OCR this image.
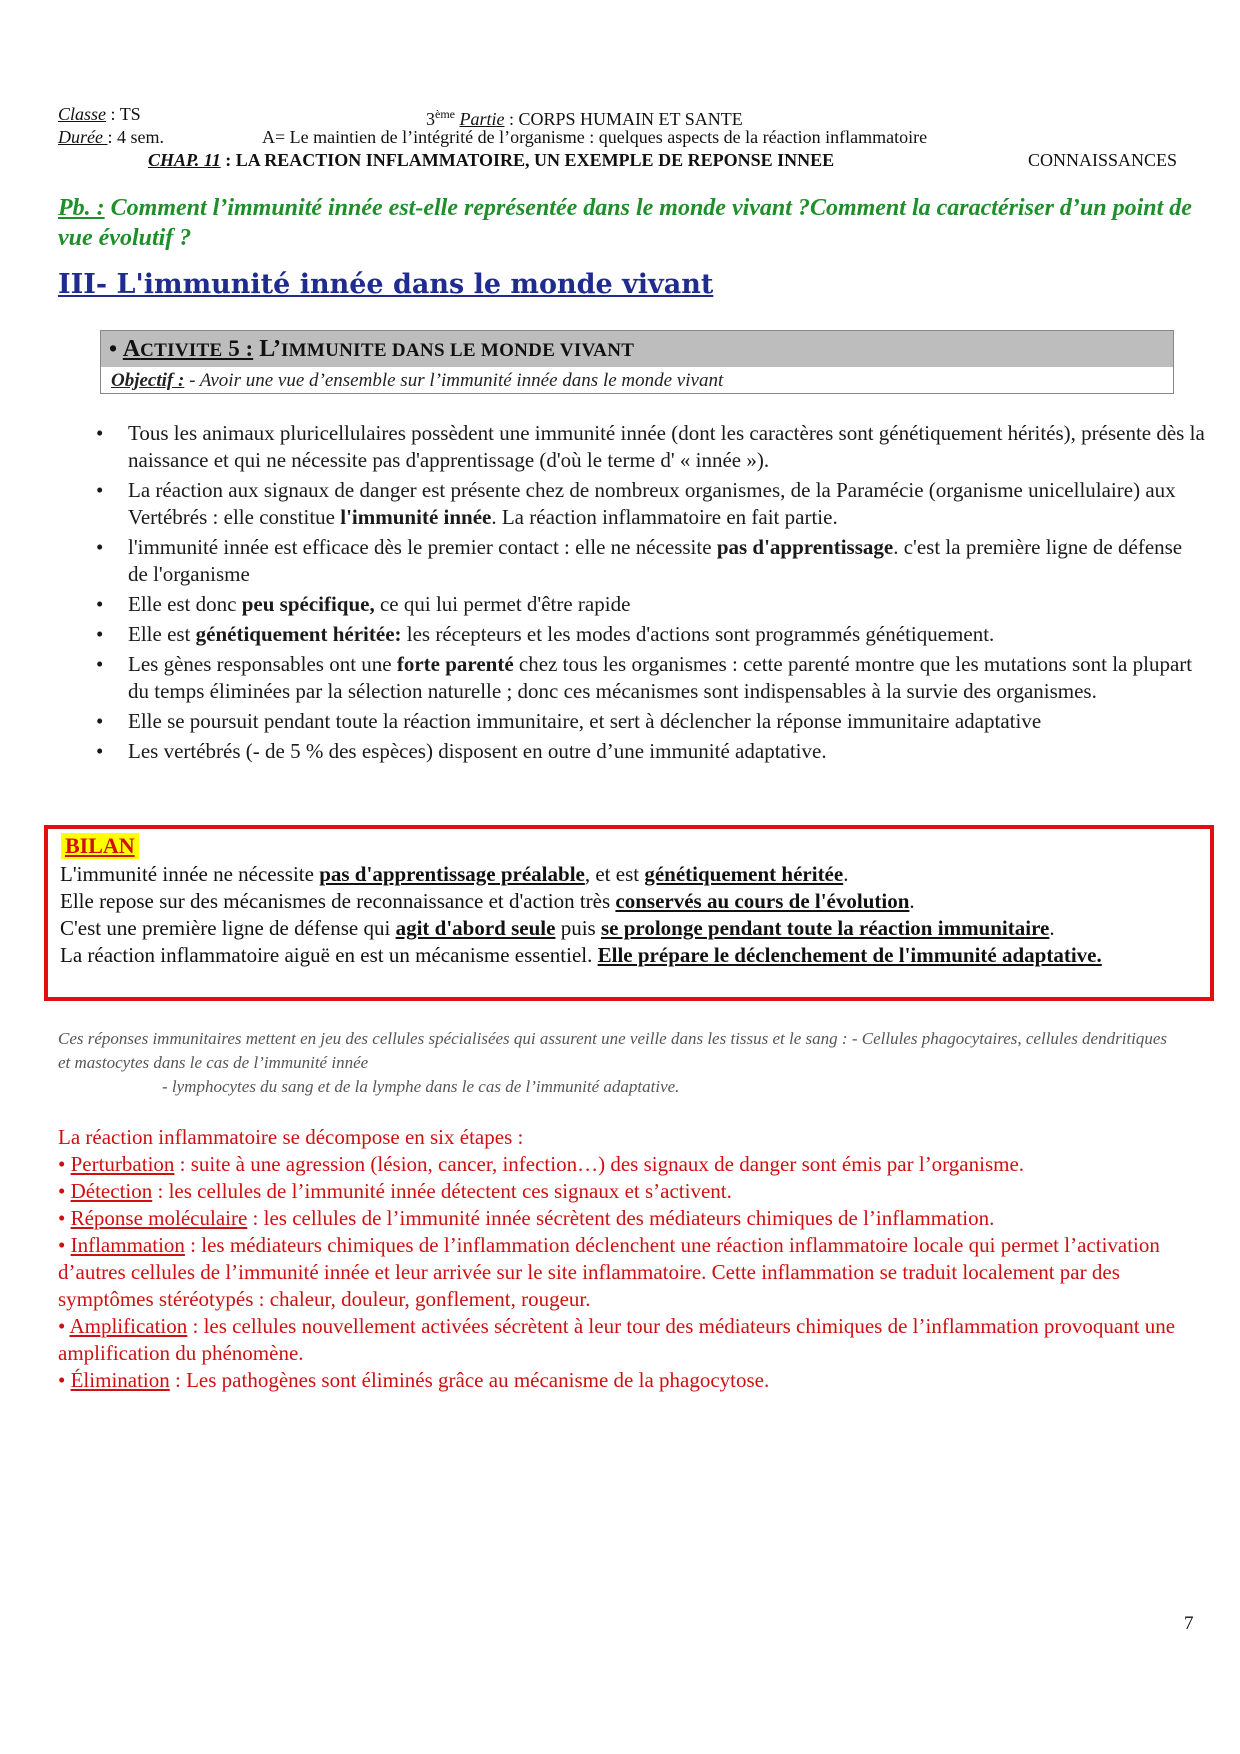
Classe : TS	3ème Partie : CORPS HUMAIN ET SANTE
Durée : 4 sem.	A= Le maintien de l’intégrité de l’organisme : quelques aspects de la réaction inflammatoire
CHAP. 11 : LA REACTION INFLAMMATOIRE, UN EXEMPLE DE REPONSE INNEE	CONNAISSANCES
Pb. : Comment l’immunité innée est-elle représentée dans le monde vivant ?Comment la caractériser d’un point de vue évolutif ?
III- L'immunité innée dans le monde vivant
• ACTIVITE 5 : L’IMMUNITE DANS LE MONDE VIVANT
Objectif : - Avoir une vue d’ensemble sur l’immunité innée dans le monde vivant
• Tous les animaux pluricellulaires possèdent une immunité innée (dont les caractères sont génétiquement hérités), présente dès la naissance et qui ne nécessite pas d'apprentissage (d'où le terme d' « innée »).
• La réaction aux signaux de danger est présente chez de nombreux organismes, de la Paramécie (organisme unicellulaire) aux Vertébrés : elle constitue l'immunité innée. La réaction inflammatoire en fait partie.
• l'immunité innée est efficace dès le premier contact : elle ne nécessite pas d'apprentissage. c'est la première ligne de défense de l'organisme
• Elle est donc peu spécifique, ce qui lui permet d'être rapide
• Elle est génétiquement héritée: les récepteurs et les modes d'actions sont programmés génétiquement.
• Les gènes responsables ont une forte parenté chez tous les organismes : cette parenté montre que les mutations sont la plupart du temps éliminées par la sélection naturelle ; donc ces mécanismes sont indispensables à la survie des organismes.
• Elle se poursuit pendant toute la réaction immunitaire, et sert à déclencher la réponse immunitaire adaptative
• Les vertébrés (- de 5 % des espèces) disposent en outre d’une immunité adaptative.
BILAN
L'immunité innée ne nécessite pas d'apprentissage préalable, et est génétiquement héritée.
Elle repose sur des mécanismes de reconnaissance et d'action très conservés au cours de l'évolution.
C'est une première ligne de défense qui agit d'abord seule puis se prolonge pendant toute la réaction immunitaire.
La réaction inflammatoire aiguë en est un mécanisme essentiel. Elle prépare le déclenchement de l'immunité adaptative.
Ces réponses immunitaires mettent en jeu des cellules spécialisées qui assurent une veille dans les tissus et le sang : - Cellules phagocytaires, cellules dendritiques et mastocytes dans le cas de l’immunité innée
- lymphocytes du sang et de la lymphe dans le cas de l’immunité adaptative.
La réaction inflammatoire se décompose en six étapes :
• Perturbation : suite à une agression (lésion, cancer, infection…) des signaux de danger sont émis par l’organisme.
• Détection : les cellules de l’immunité innée détectent ces signaux et s’activent.
• Réponse moléculaire : les cellules de l’immunité innée sécrètent des médiateurs chimiques de l’inflammation.
• Inflammation : les médiateurs chimiques de l’inflammation déclenchent une réaction inflammatoire locale qui permet l’activation d’autres cellules de l’immunité innée et leur arrivée sur le site inflammatoire. Cette inflammation se traduit localement par des symptômes stéréotypés : chaleur, douleur, gonflement, rougeur.
• Amplification : les cellules nouvellement activées sécrètent à leur tour des médiateurs chimiques de l’inflammation provoquant une amplification du phénomène.
• Élimination : Les pathogènes sont éliminés grâce au mécanisme de la phagocytose.
7
